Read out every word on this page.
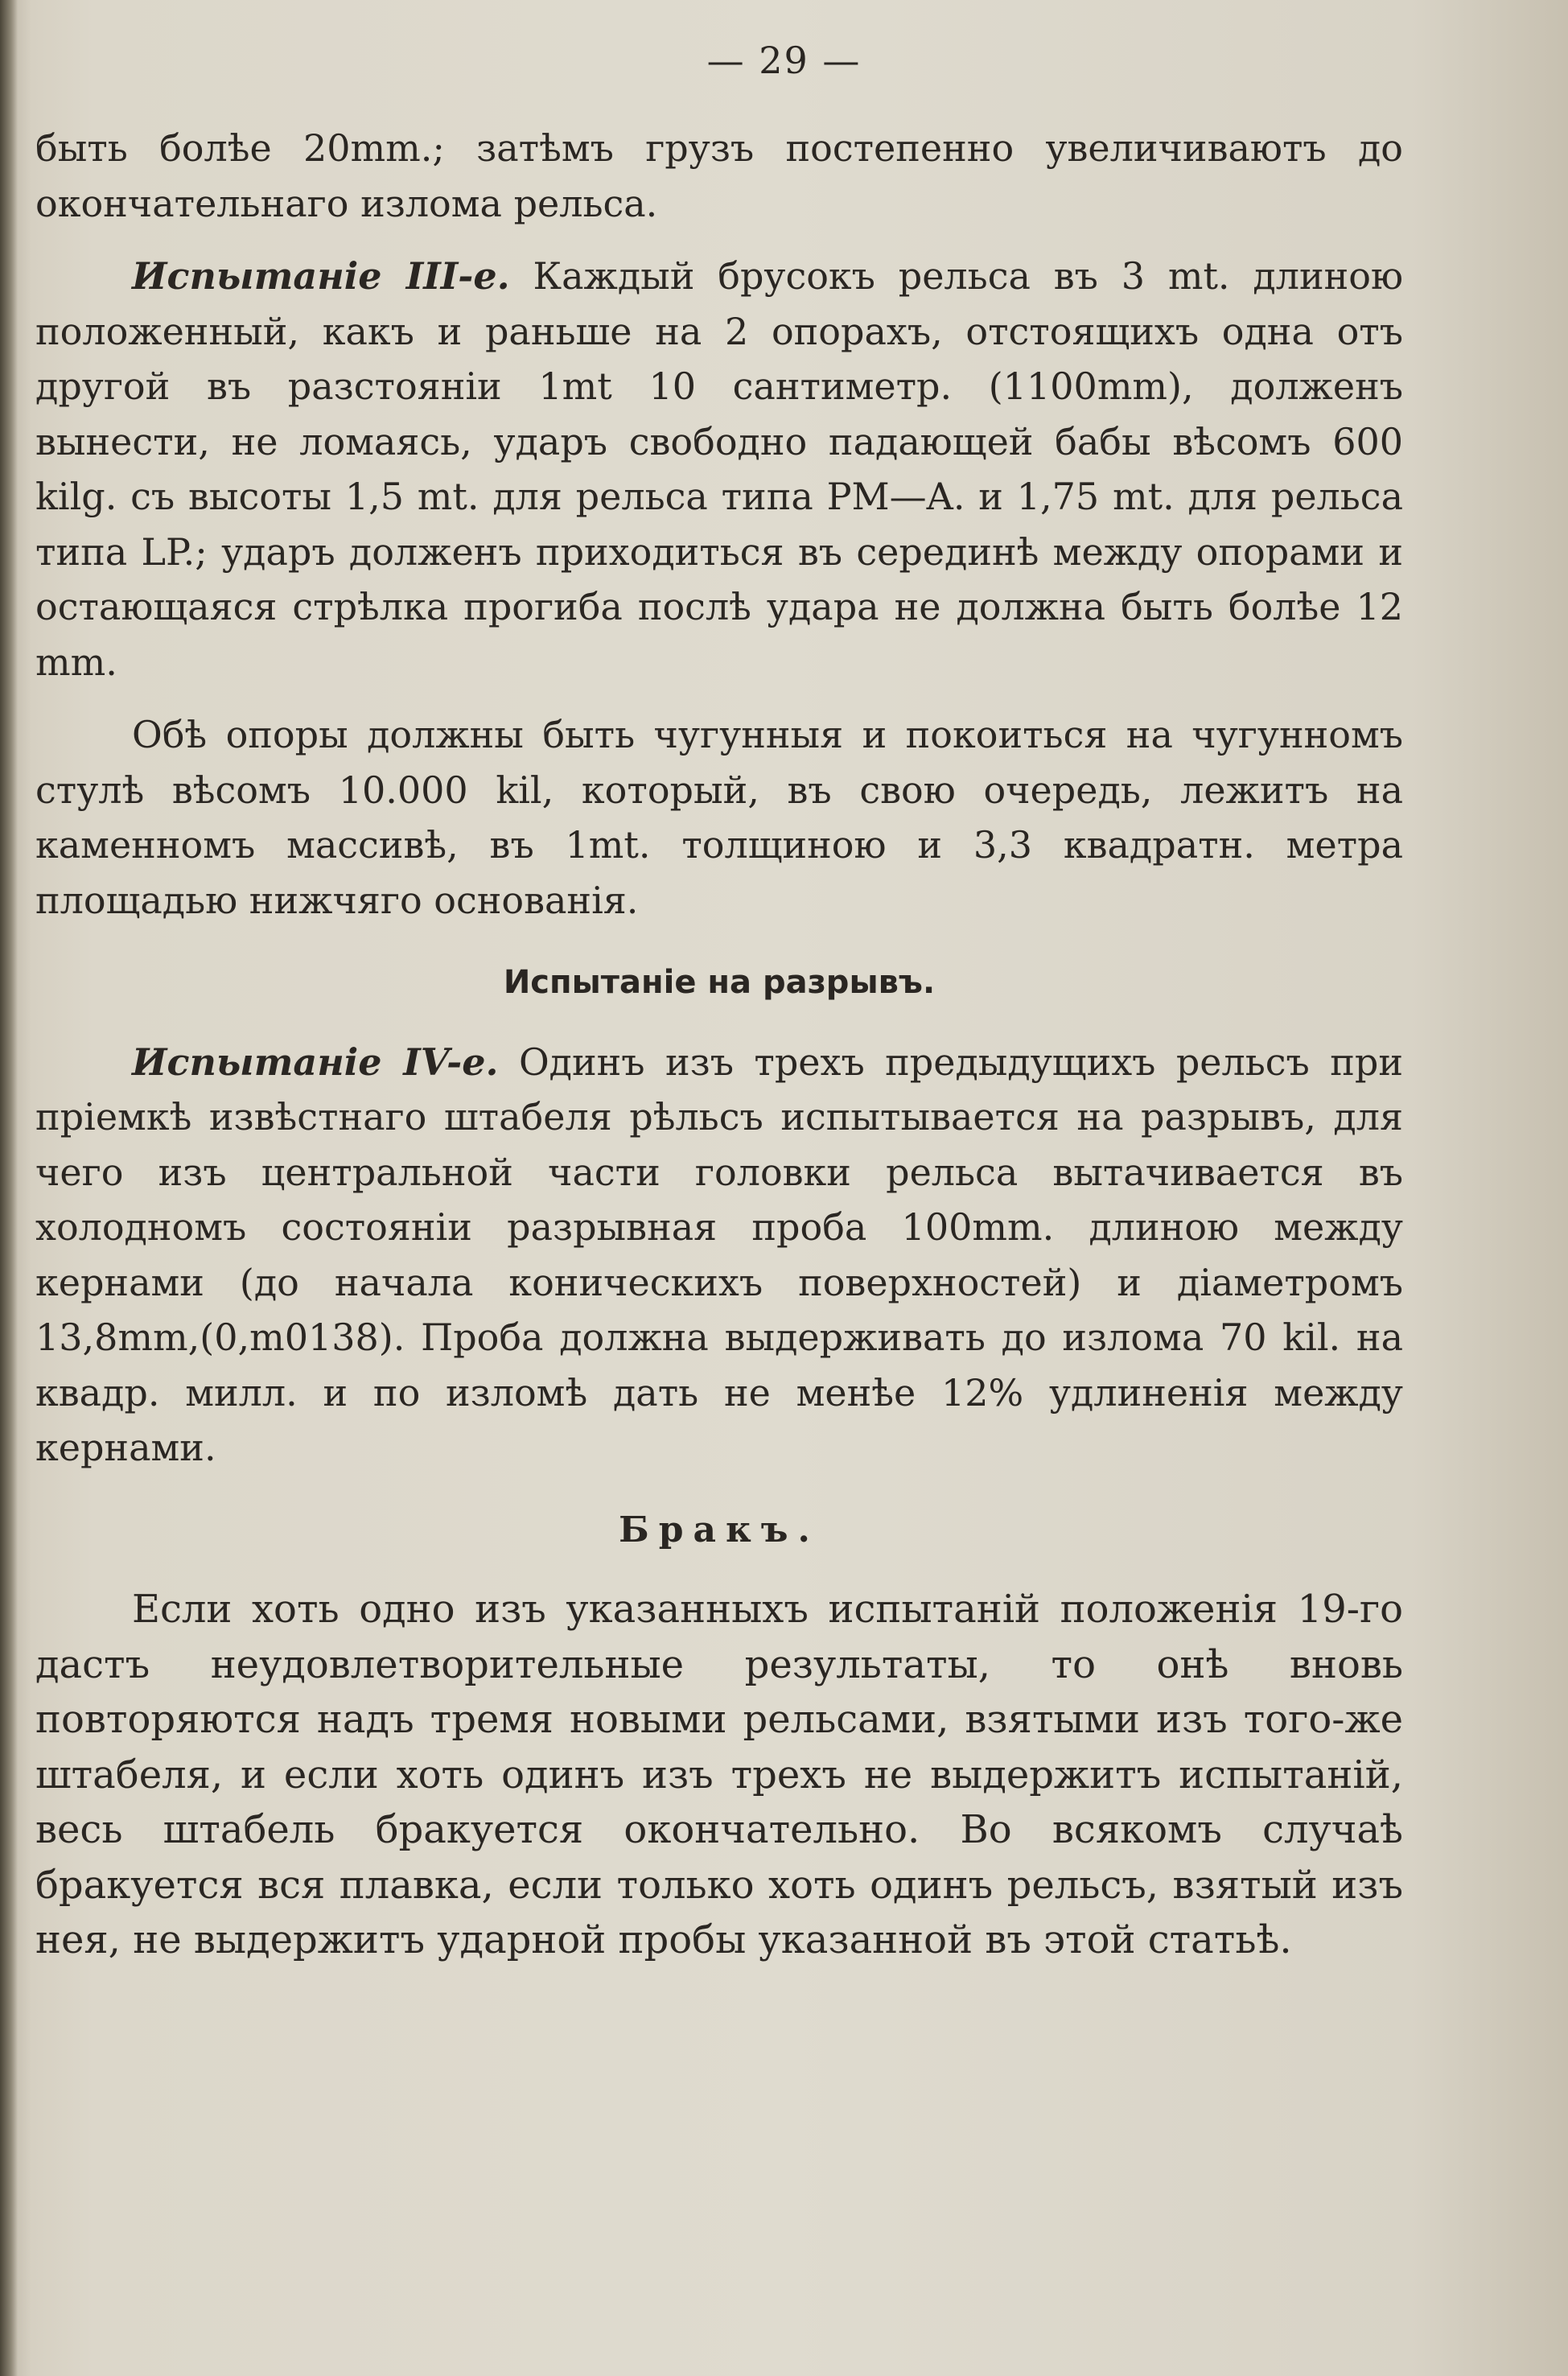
— 29 —

быть болѣе 20mm.; затѣмъ грузъ постепенно увеличиваютъ до окончательнаго излома рельса.

Испытаніе III-е. Каждый брусокъ рельса въ 3 mt. длиною положенный, какъ и раньше на 2 опорахъ, отстоящихъ одна отъ другой въ разстояніи 1mt 10 сантиметр. (1100mm), долженъ вынести, не ломаясь, ударъ свободно падающей бабы вѣсомъ 600 kilg. съ высоты 1,5 mt. для рельса типа PM—A. и 1,75 mt. для рельса типа LP.; ударъ долженъ приходиться въ серединѣ между опорами и остающаяся стрѣлка прогиба послѣ удара не должна быть болѣе 12 mm.

Обѣ опоры должны быть чугунныя и покоиться на чугунномъ стулѣ вѣсомъ 10.000 kil, который, въ свою очередь, лежитъ на каменномъ массивѣ, въ 1mt. толщиною и 3,3 квадратн. метра площадью нижчяго основанія.

Испытаніе на разрывъ.

Испытаніе IV-е. Одинъ изъ трехъ предыдущихъ рельсъ при пріемкѣ извѣстнаго штабеля рѣльсъ испытывается на разрывъ, для чего изъ центральной части головки рельса вытачивается въ холодномъ состояніи разрывная проба 100mm. длиною между кернами (до начала коническихъ поверхностей) и діаметромъ 13,8mm,(0,m0138). Проба должна выдерживать до излома 70 kil. на квадр. милл. и по изломѣ дать не менѣе 12% удлиненія между кернами.

Бракъ.

Если хоть одно изъ указанныхъ испытаній положенія 19-го дастъ неудовлетворительные результаты, то онѣ вновь повторяются надъ тремя новыми рельсами, взятыми изъ того-же штабеля, и если хоть одинъ изъ трехъ не выдержитъ испытаній, весь штабель бракуется окончательно. Во всякомъ случаѣ бракуется вся плавка, если только хоть одинъ рельсъ, взятый изъ нея, не выдержитъ ударной пробы указанной въ этой статьѣ.
